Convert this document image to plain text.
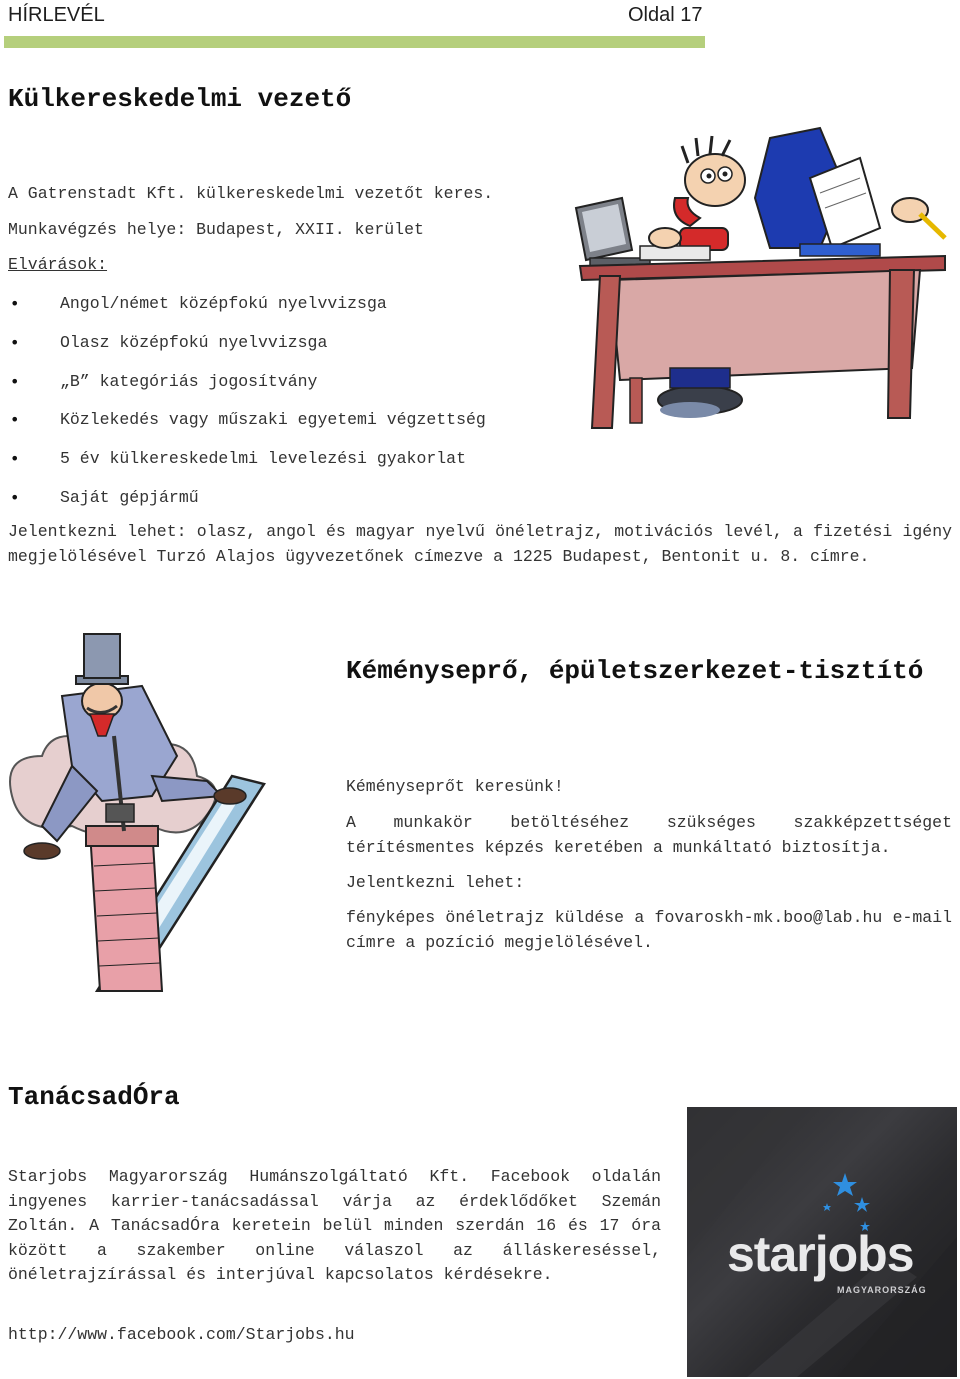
HÍRLEVÉL	Oldal 17
Külkereskedelmi vezető
A Gatrenstadt Kft. külkereskedelmi vezetőt keres.
Munkavégzés helye: Budapest, XXII. kerület
Elvárások:
• Angol/német középfokú nyelvvizsga
• Olasz középfokú nyelvvizsga
• „B” kategóriás jogosítvány
• Közlekedés vagy műszaki egyetemi végzettség
• 5 év külkereskedelmi levelezési gyakorlat
• Saját gépjármű
Jelentkezni lehet: olasz, angol és magyar nyelvű önéletrajz, motivációs levél, a fizetési igény megjelölésével Turzó Alajos ügyvezetőnek címezve a 1225 Budapest, Bentonit u. 8. címre.
Kéményseprő, épületszerkezet-tisztító
Kéményseprőt keresünk!
A munkakör betöltéséhez szükséges szakképzettséget térítésmentes képzés keretében a munkáltató biztosítja.
Jelentkezni lehet:
fényképes önéletrajz küldése a fovaroskh-mk.boo@lab.hu e-mail címre a pozíció megjelölésével.
TanácsadÓra
Starjobs Magyarország Humánszolgáltató Kft. Facebook oldalán ingyenes karrier-tanácsadással várja az érdeklődőket Szemán Zoltán. A TanácsadÓra keretein belül minden szerdán 16 és 17 óra között a szakember online válaszol az álláskereséssel, önéletrajzírással és interjúval kapcsolatos kérdésekre.
http://www.facebook.com/Starjobs.hu
starjobs
MAGYARORSZÁG
